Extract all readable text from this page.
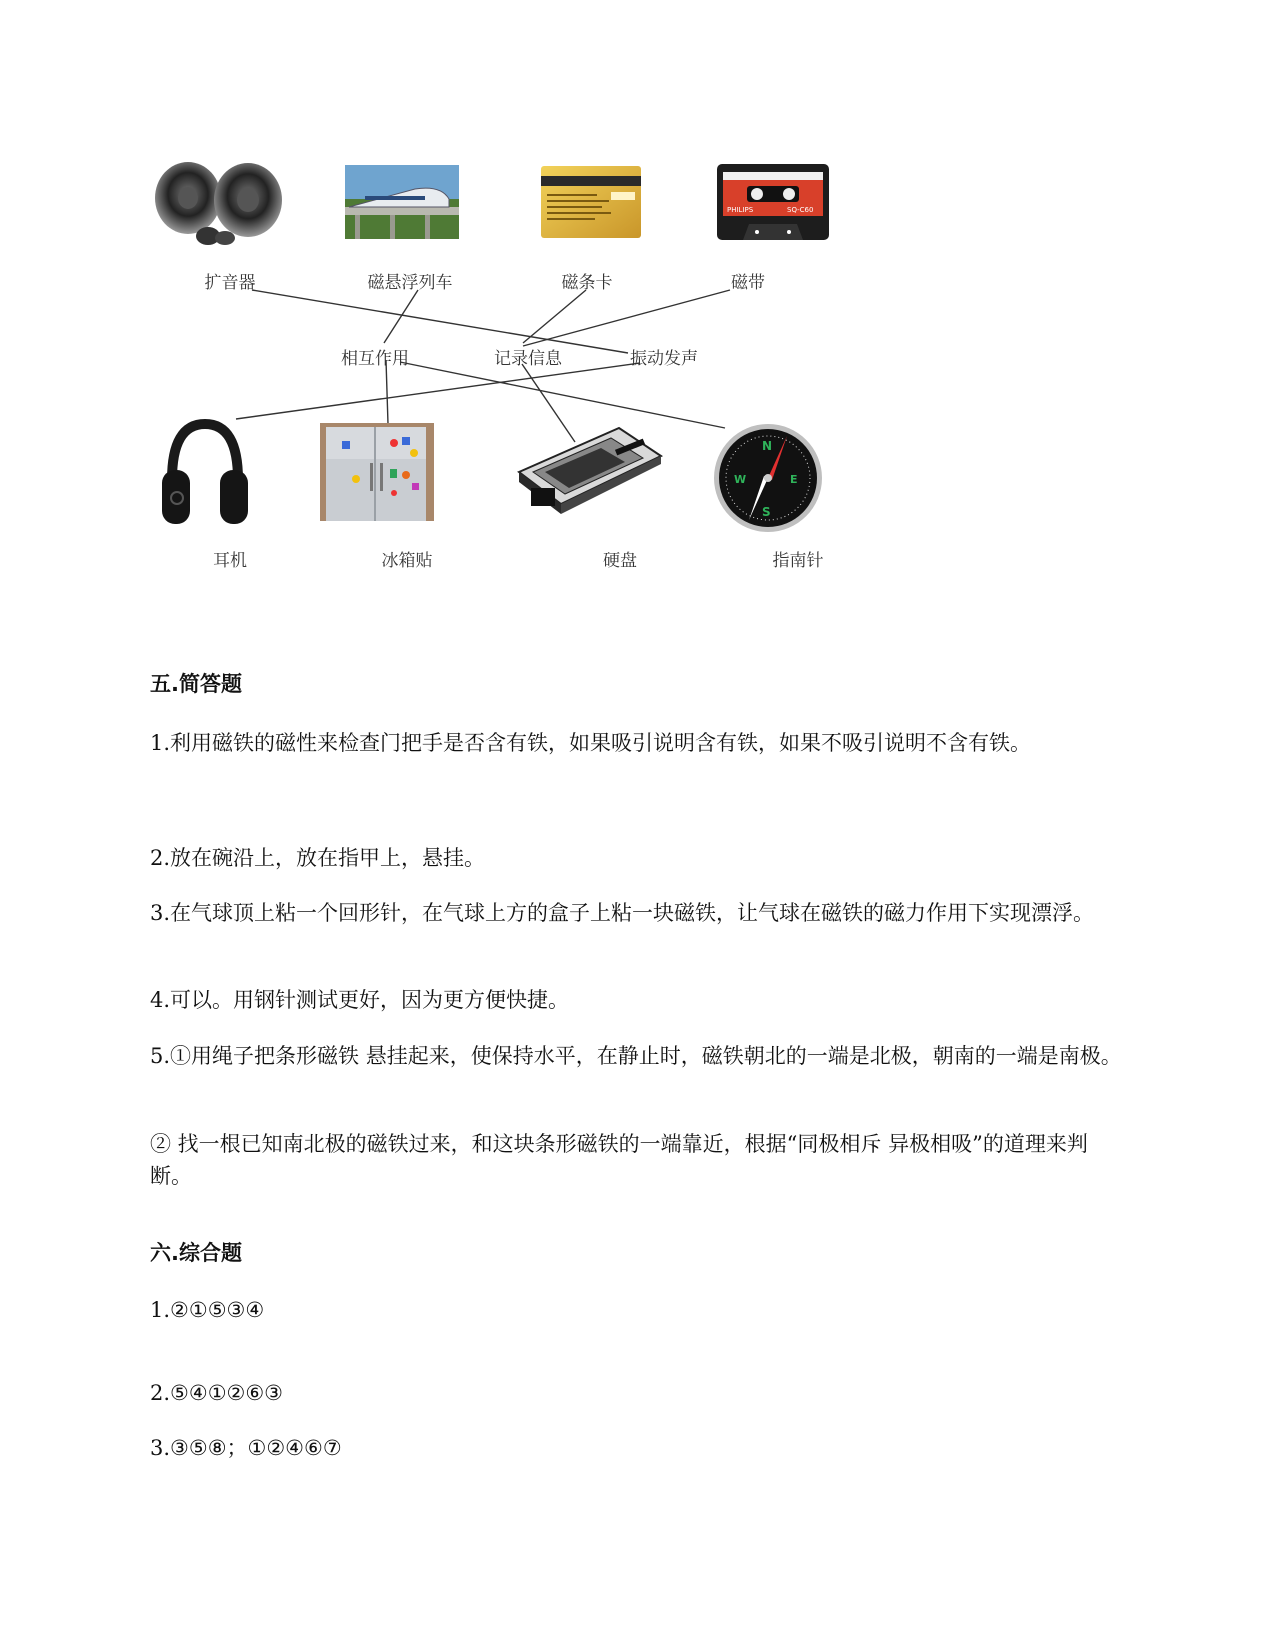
PHILIPS	SQ-C60
扩音器	磁悬浮列车	磁条卡	磁带
相互作用	记录信息	振动发声
N
E
S
W
耳机	冰箱贴	硬盘	指南针
五.简答题
1.利用磁铁的磁性来检查门把手是否含有铁，如果吸引说明含有铁，如果不吸引说明不含有铁。
2.放在碗沿上，放在指甲上，悬挂。
3.在气球顶上粘一个回形针，在气球上方的盒子上粘一块磁铁，让气球在磁铁的磁力作用下实现漂浮。
4.可以。用钢针测试更好，因为更方便快捷。
5.①用绳子把条形磁铁 悬挂起来，使保持水平，在静止时，磁铁朝北的一端是北极，朝南的一端是南极。
② 找一根已知南北极的磁铁过来，和这块条形磁铁的一端靠近，根据“同极相斥 异极相吸”的道理来判断。
六.综合题
1.②①⑤③④
2.⑤④①②⑥③
3.③⑤⑧；①②④⑥⑦
